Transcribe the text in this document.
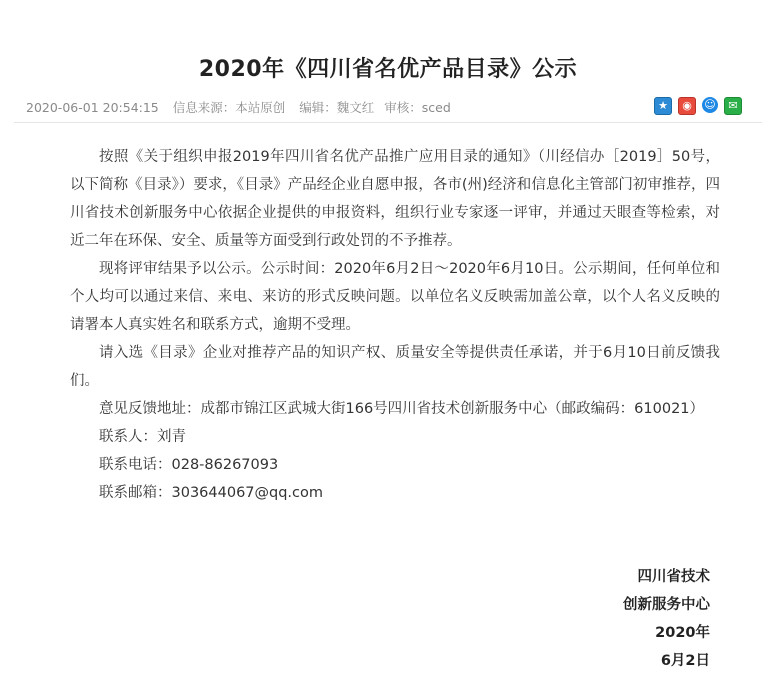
2020年《四川省名优产品目录》公示
2020-06-01 20:54:15 信息来源：本站原创 编辑：魏文红 审核：sced	★	◉	☺	✉

按照《关于组织申报2019年四川省名优产品推广应用目录的通知》（川经信办［2019］50号，以下简称《目录》）要求，《目录》产品经企业自愿申报，各市(州)经济和信息化主管部门初审推荐，四川省技术创新服务中心依据企业提供的申报资料，组织行业专家逐一评审，并通过天眼查等检索，对近二年在环保、安全、质量等方面受到行政处罚的不予推荐。

现将评审结果予以公示。公示时间：2020年6月2日～2020年6月10日。公示期间，任何单位和个人均可以通过来信、来电、来访的形式反映问题。以单位名义反映需加盖公章，以个人名义反映的请署本人真实姓名和联系方式，逾期不受理。

请入选《目录》企业对推荐产品的知识产权、质量安全等提供责任承诺，并于6月10日前反馈我们。

意见反馈地址：成都市锦江区武城大街166号四川省技术创新服务中心（邮政编码：610021）

联系人：刘青

联系电话：028-86267093

联系邮箱：303644067@qq.com

四川省技术
创新服务中心
2020年
6月2日
